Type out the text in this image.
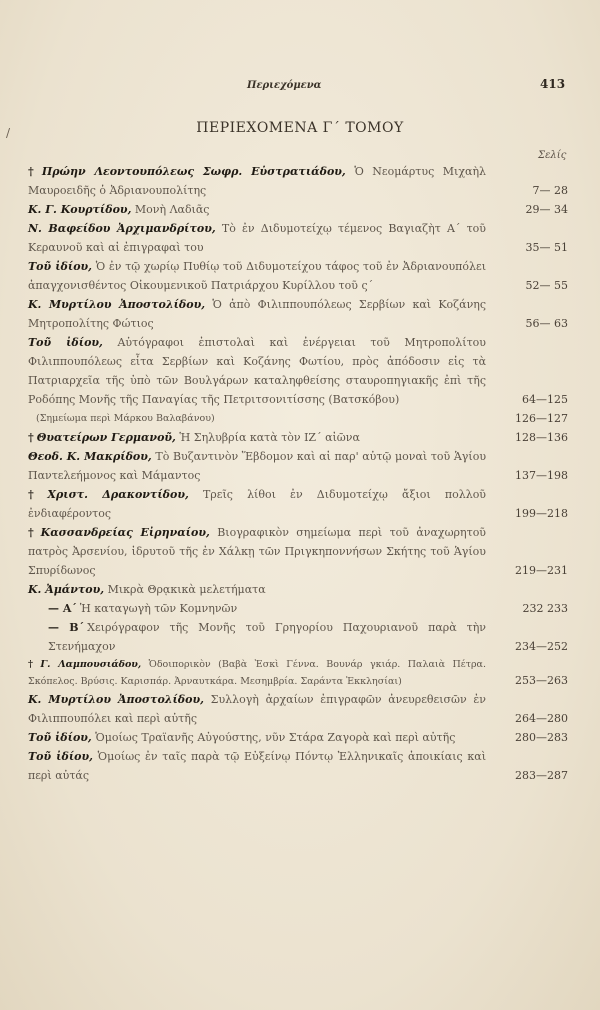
/
Περιεχόμενα	413
ΠΕΡΙΕΧΟΜΕΝΑ Γ΄ ΤΟΜΟΥ
Σελίς
† Πρώην Λεοντουπόλεως Σωφρ. Εὐστρατιάδου, Ὁ Νεομάρτυς Μιχαὴλ Μαυροειδῆς ὁ Ἀδριανουπολίτης	7— 28
Κ. Γ. Κουρτίδου, Μονὴ Λαδιᾶς	29— 34
Ν. Βαφείδου Ἀρχιμανδρίτου, Τὸ ἐν Διδυμοτείχῳ τέμενος Βαγιαζὴτ Α΄ τοῦ Κεραυνοῦ καὶ αἱ ἐπιγραφαὶ του	35— 51
Τοῦ ἰδίου, Ὁ ἐν τῷ χωρίῳ Πυθίῳ τοῦ Διδυμοτείχου τάφος τοῦ ἐν Ἀδριανουπόλει ἀπαγχονισθέντος Οἰκουμενικοῦ Πατριάρχου Κυρίλλου τοῦ ς΄	52— 55
Κ. Μυρτίλου Ἀποστολίδου, Ὁ ἀπὸ Φιλιππουπόλεως Σερβίων καὶ Κοζάνης Μητροπολίτης Φώτιος	56— 63
Τοῦ ἰδίου, Αὐτόγραφοι ἐπιστολαὶ καὶ ἐνέργειαι τοῦ Μητροπολίτου Φιλιππουπόλεως εἶτα Σερβίων καὶ Κοζάνης Φωτίου, πρὸς ἀπόδοσιν εἰς τὰ Πατριαρχεῖα τῆς ὑπὸ τῶν Βουλγάρων καταληφθείσης σταυροπηγιακῆς ἐπὶ τῆς Ροδόπης Μονῆς τῆς Παναγίας τῆς Πετριτσονιτίσσης (Βατσκόβου)	64—125
(Σημείωμα περὶ Μάρκου Βαλαβάνου)	126—127
† Θυατείρων Γερμανοῦ, Ἡ Σηλυβρία κατὰ τὸν ΙΖ΄ αἰῶνα	128—136
Θεοδ. Κ. Μακρίδου, Τὸ Βυζαντινὸν Ἕβδομον καὶ αἱ παρ' αὐτῷ μοναὶ τοῦ Ἁγίου Παντελεήμονος καὶ Μάμαντος	137—198
† Χριστ. Δρακοντίδου, Τρεῖς λίθοι ἐν Διδυμοτείχῳ ἄξιοι πολλοῦ ἐνδιαφέροντος	199—218
† Κασσανδρείας Εἰρηναίου, Βιογραφικὸν σημείωμα περὶ τοῦ ἀναχωρητοῦ πατρὸς Ἀρσενίου, ἱδρυτοῦ τῆς ἐν Χάλκῃ τῶν Πριγκηποννήσων Σκήτης τοῦ Ἁγίου Σπυρίδωνος	219—231
Κ. Ἀμάντου, Μικρὰ Θρᾳκικὰ μελετήματα
— Α΄ Ἡ καταγωγὴ τῶν Κομνηνῶν	232 233
— Β΄ Χειρόγραφον τῆς Μονῆς τοῦ Γρηγορίου Παχουριανοῦ παρὰ τὴν Στενήμαχον	234—252
† Γ. Λαμπουσιάδου, Ὁδοιπορικὸν (Βαβὰ Ἐσκὶ Γέννα. Βουνάρ γκιάρ. Παλαιὰ Πέτρα. Σκόπελος. Βρύσις. Καρισπάρ. Ἀρναυτκάρα. Μεσημβρία. Σαράντα Ἐκκλησίαι)	253—263
Κ. Μυρτίλου Ἀποστολίδου, Συλλογὴ ἀρχαίων ἐπιγραφῶν ἀνευρεθεισῶν ἐν Φιλιππουπόλει καὶ περὶ αὐτῆς	264—280
Τοῦ ἰδίου, Ὁμοίως Τραϊανῆς Αὐγούστης, νῦν Στάρα Ζαγορὰ καὶ περὶ αὐτῆς	280—283
Τοῦ ἰδίου, Ὁμοίως ἐν ταῖς παρὰ τῷ Εὐξείνῳ Πόντῳ Ἑλληνικαῖς ἀποικίαις καὶ περὶ αὐτάς	283—287
